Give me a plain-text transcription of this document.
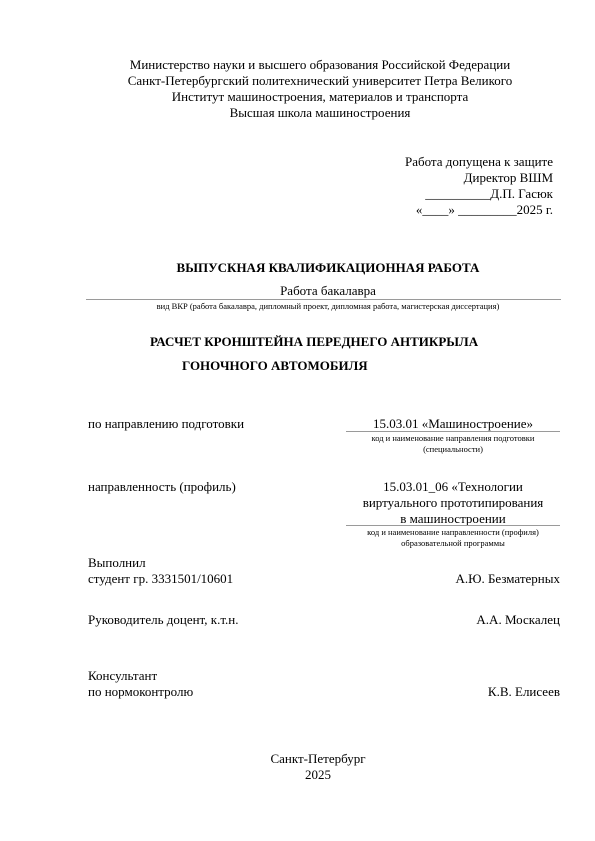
Министерство науки и высшего образования Российской Федерации
Санкт-Петербургский политехнический университет Петра Великого
Институт машиностроения, материалов и транспорта
Высшая школа машиностроения
Работа допущена к защите
Директор ВШМ
__________Д.П. Гасюк
«____» _________2025 г.
ВЫПУСКНАЯ КВАЛИФИКАЦИОННАЯ РАБОТА
Работа бакалавра
вид ВКР (работа бакалавра, дипломный проект, дипломная работа, магистерская диссертация)
РАСЧЕТ КРОНШТЕЙНА ПЕРЕДНЕГО АНТИКРЫЛА
ГОНОЧНОГО АВТОМОБИЛЯ
по направлению подготовки	15.03.01 «Машиностроение»
код и наименование направления подготовки
(специальности)
направленность (профиль)	15.03.01_06 «Технологии
виртуального прототипирования
в машиностроении
код и наименование направленности (профиля)
образовательной программы
Выполнил
студент гр. 3331501/10601	А.Ю. Безматерных
Руководитель доцент, к.т.н.	А.А. Москалец
Консультант
по нормоконтролю	К.В. Елисеев
Санкт-Петербург
2025
